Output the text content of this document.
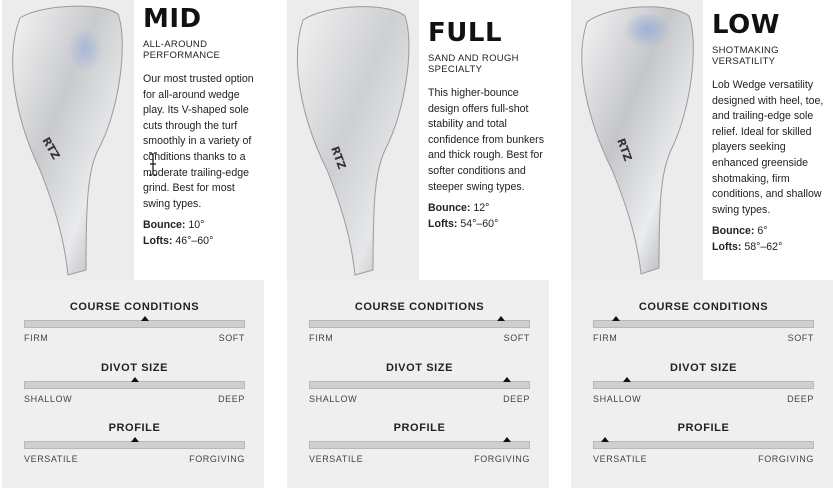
RTZ
MID
ALL-AROUND PERFORMANCE
Our most trusted option for all-around wedge play. Its V-shaped sole cuts through the turf smoothly in a variety of conditions thanks to a moderate trailing-edge grind. Best for most swing types.
Bounce: 10°
Lofts: 46°–60°
COURSE CONDITIONS
FIRM	SOFT
DIVOT SIZE
SHALLOW	DEEP
PROFILE
VERSATILE	FORGIVING
RTZ
FULL
SAND AND ROUGH SPECIALTY
This higher-bounce design offers full-shot stability and total confidence from bunkers and thick rough. Best for softer conditions and steeper swing types.
Bounce: 12°
Lofts: 54°–60°
COURSE CONDITIONS
FIRM	SOFT
DIVOT SIZE
SHALLOW	DEEP
PROFILE
VERSATILE	FORGIVING
RTZ
LOW
SHOTMAKING VERSATILITY
Lob Wedge versatility designed with heel, toe, and trailing-edge sole relief. Ideal for skilled players seeking enhanced greenside shotmaking, firm conditions, and shallow swing types.
Bounce: 6°
Lofts: 58°–62°
COURSE CONDITIONS
FIRM	SOFT
DIVOT SIZE
SHALLOW	DEEP
PROFILE
VERSATILE	FORGIVING
